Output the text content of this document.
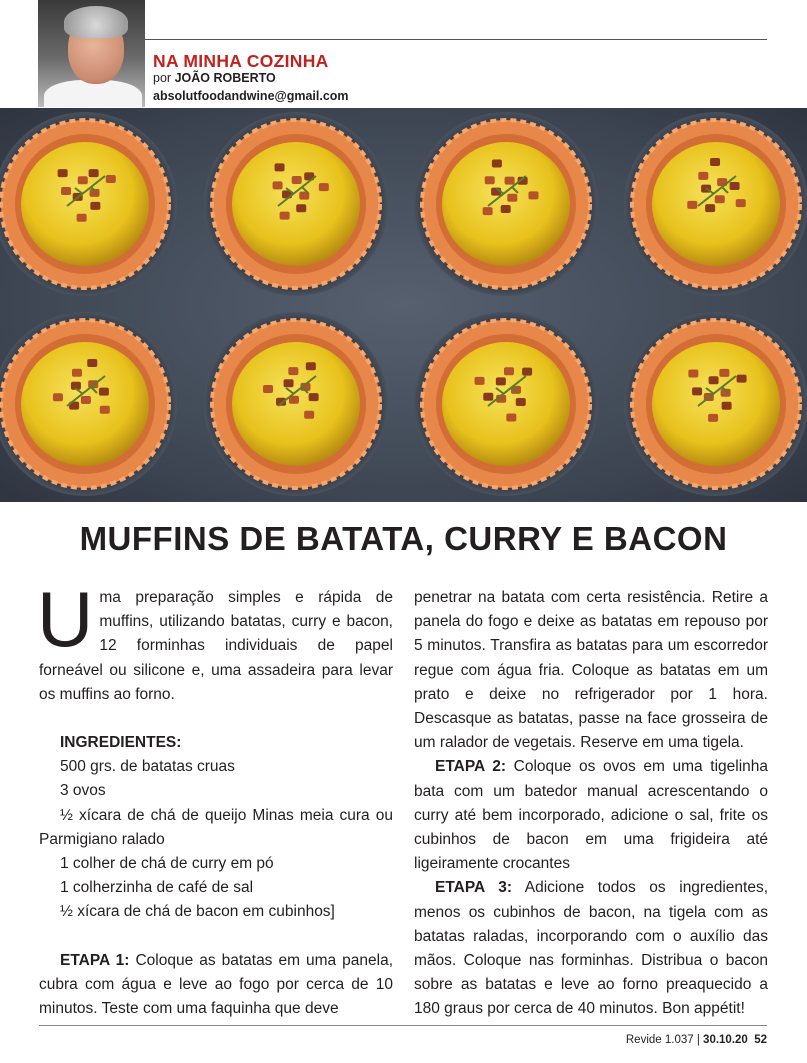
NA MINHA COZINHA

por JOÃO ROBERTO

absolutfoodandwine@gmail.com

MUFFINS DE BATATA, CURRY E BACON

Uma preparação simples e rápida de muffins, utilizando batatas, curry e bacon, 12 forminhas individuais de papel forneável ou silicone e, uma assadeira para levar os muffins ao forno.

INGREDIENTES:

500 grs. de batatas cruas

3 ovos

½ xícara de chá de queijo Minas meia cura ou Parmigiano ralado

1 colher de chá de curry em pó

1 colherzinha de café de sal

½ xícara de chá de bacon em cubinhos]

ETAPA 1: Coloque as batatas em uma panela, cubra com água e leve ao fogo por cerca de 10 minutos. Teste com uma faquinha que deve

penetrar na batata com certa resistência. Retire a panela do fogo e deixe as batatas em repouso por 5 minutos. Transfira as batatas para um escorredor regue com água fria. Coloque as batatas em um prato e deixe no refrigerador por 1 hora. Descasque as batatas, passe na face grosseira de um ralador de vegetais. Reserve em uma tigela.

ETAPA 2: Coloque os ovos em uma tigelinha bata com um batedor manual acrescentando o curry até bem incorporado, adicione o sal, frite os cubinhos de bacon em uma frigideira até ligeiramente crocantes

ETAPA 3: Adicione todos os ingredientes, menos os cubinhos de bacon, na tigela com as batatas raladas, incorporando com o auxílio das mãos. Coloque nas forminhas. Distribua o bacon sobre as batatas e leve ao forno preaquecido a 180 graus por cerca de 40 minutos. Bon appétit!

Revide 1.037 | 30.10.20 52
